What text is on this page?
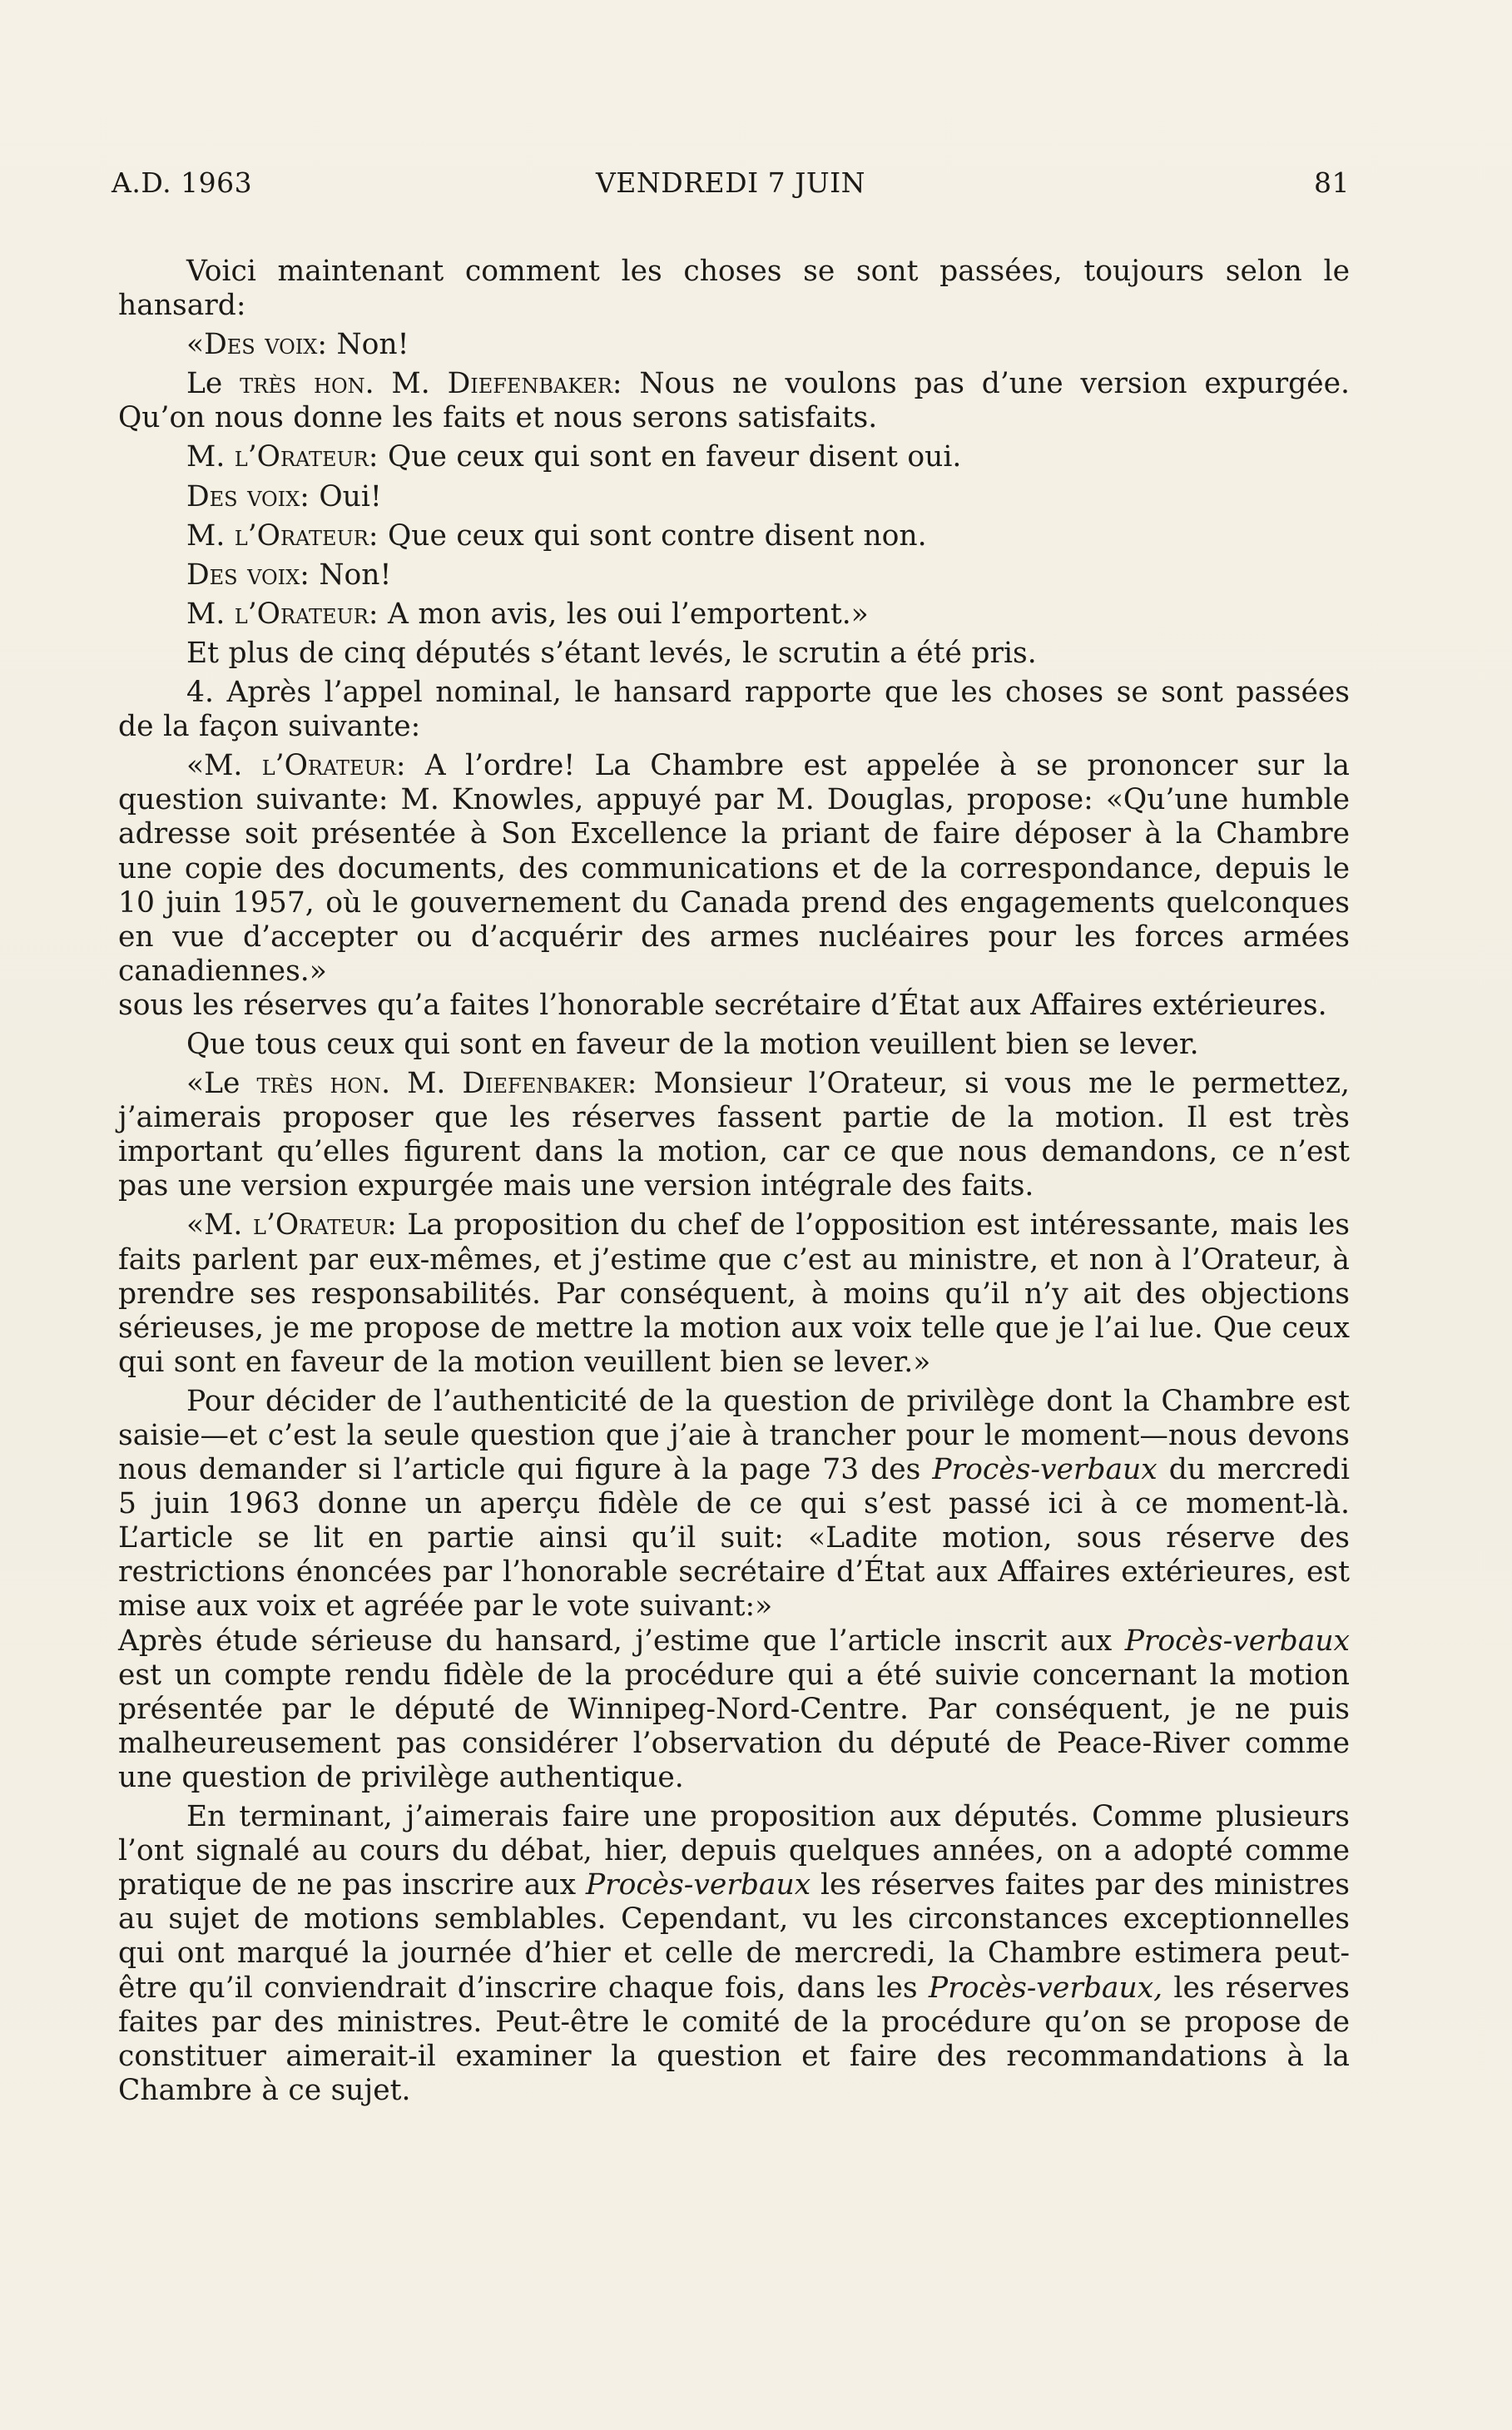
A.D. 1963	VENDREDI 7 JUIN	81

Voici maintenant comment les choses se sont passées, toujours selon le hansard:

«Des voix: Non!

Le très hon. M. Diefenbaker: Nous ne voulons pas d’une version expurgée. Qu’on nous donne les faits et nous serons satisfaits.

M. l’Orateur: Que ceux qui sont en faveur disent oui.

Des voix: Oui!

M. l’Orateur: Que ceux qui sont contre disent non.

Des voix: Non!

M. l’Orateur: A mon avis, les oui l’emportent.»

Et plus de cinq députés s’étant levés, le scrutin a été pris.

4. Après l’appel nominal, le hansard rapporte que les choses se sont passées de la façon suivante:

«M. l’Orateur: A l’ordre! La Chambre est appelée à se prononcer sur la question suivante: M. Knowles, appuyé par M. Douglas, propose: «Qu’une humble adresse soit présentée à Son Excellence la priant de faire déposer à la Chambre une copie des documents, des communications et de la correspondance, depuis le 10 juin 1957, où le gouvernement du Canada prend des engagements quelconques en vue d’accepter ou d’acquérir des armes nucléaires pour les forces armées canadiennes.»

sous les réserves qu’a faites l’honorable secrétaire d’État aux Affaires extérieures.

Que tous ceux qui sont en faveur de la motion veuillent bien se lever.

«Le très hon. M. Diefenbaker: Monsieur l’Orateur, si vous me le permettez, j’aimerais proposer que les réserves fassent partie de la motion. Il est très important qu’elles figurent dans la motion, car ce que nous demandons, ce n’est pas une version expurgée mais une version intégrale des faits.

«M. l’Orateur: La proposition du chef de l’opposition est intéressante, mais les faits parlent par eux-mêmes, et j’estime que c’est au ministre, et non à l’Orateur, à prendre ses responsabilités. Par conséquent, à moins qu’il n’y ait des objections sérieuses, je me propose de mettre la motion aux voix telle que je l’ai lue. Que ceux qui sont en faveur de la motion veuillent bien se lever.»

Pour décider de l’authenticité de la question de privilège dont la Chambre est saisie—et c’est la seule question que j’aie à trancher pour le moment—nous devons nous demander si l’article qui figure à la page 73 des Procès-verbaux du mercredi 5 juin 1963 donne un aperçu fidèle de ce qui s’est passé ici à ce moment-là. L’article se lit en partie ainsi qu’il suit: «Ladite motion, sous réserve des restrictions énoncées par l’honorable secrétaire d’État aux Affaires extérieures, est mise aux voix et agréée par le vote suivant:»

Après étude sérieuse du hansard, j’estime que l’article inscrit aux Procès-verbaux est un compte rendu fidèle de la procédure qui a été suivie concernant la motion présentée par le député de Winnipeg-Nord-Centre. Par conséquent, je ne puis malheureusement pas considérer l’observation du député de Peace-River comme une question de privilège authentique.

En terminant, j’aimerais faire une proposition aux députés. Comme plusieurs l’ont signalé au cours du débat, hier, depuis quelques années, on a adopté comme pratique de ne pas inscrire aux Procès-verbaux les réserves faites par des ministres au sujet de motions semblables. Cependant, vu les circonstances exceptionnelles qui ont marqué la journée d’hier et celle de mercredi, la Chambre estimera peut-être qu’il conviendrait d’inscrire chaque fois, dans les Procès-verbaux, les réserves faites par des ministres. Peut-être le comité de la procédure qu’on se propose de constituer aimerait-il examiner la question et faire des recommandations à la Chambre à ce sujet.
